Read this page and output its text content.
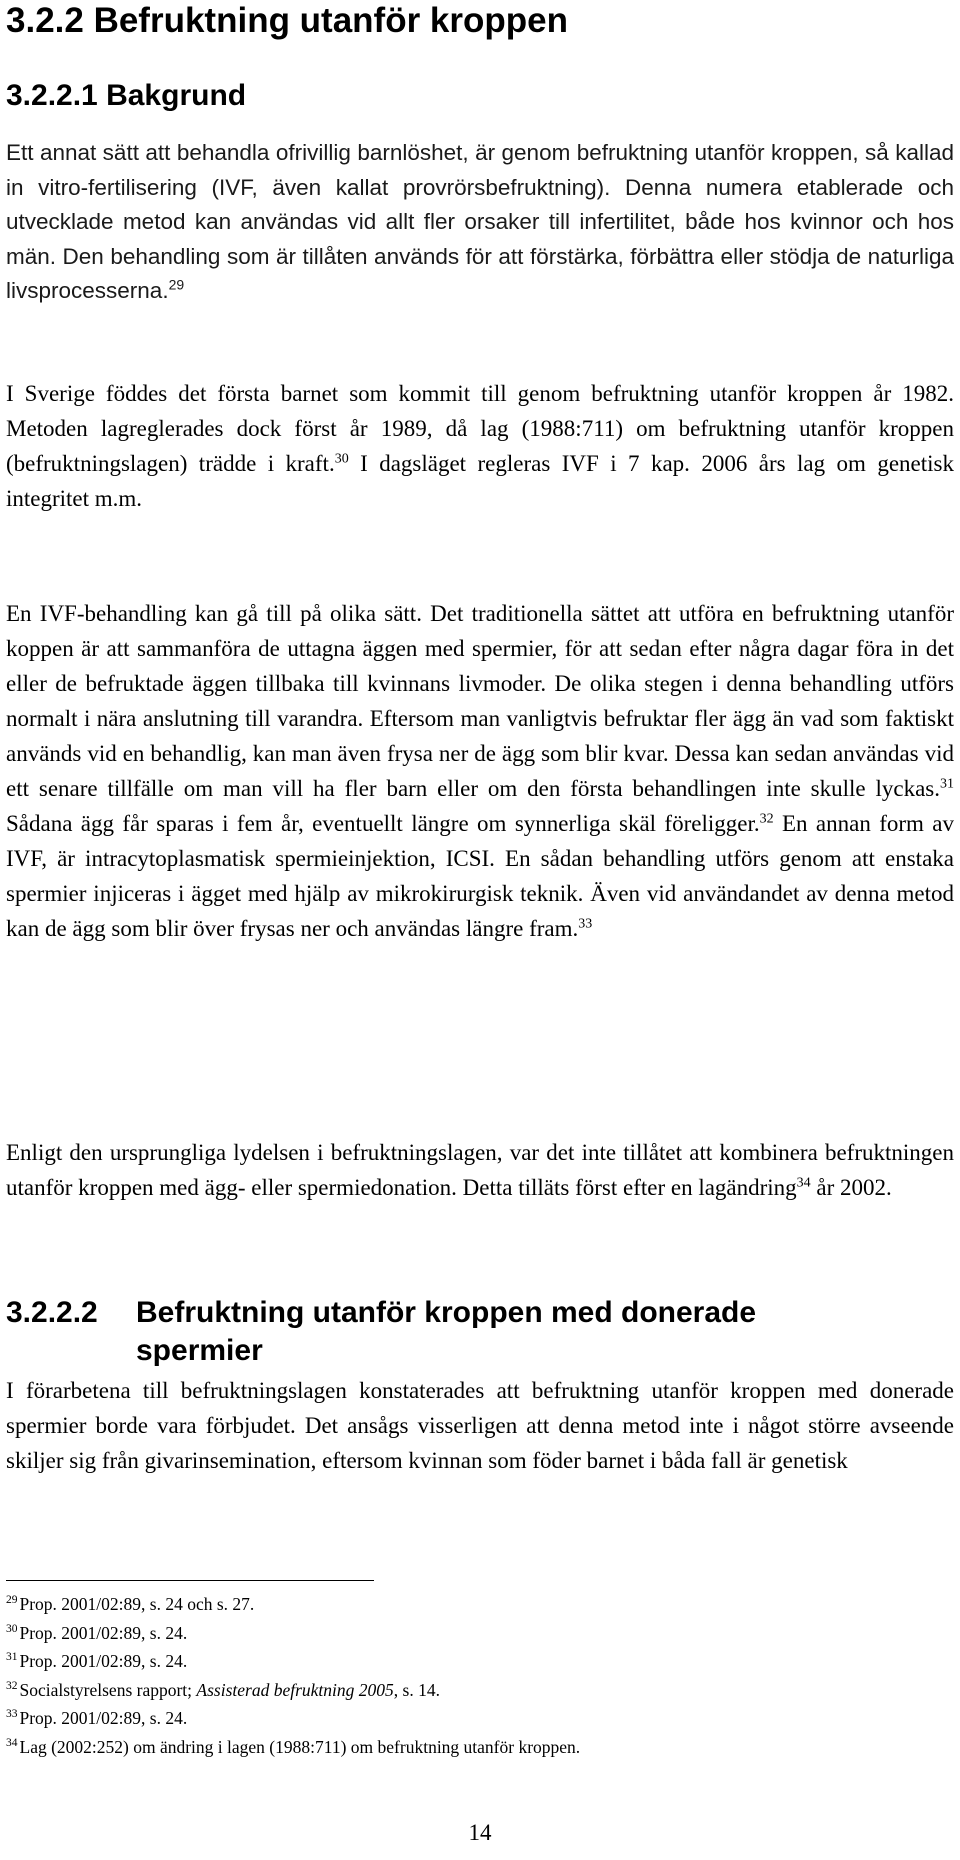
3.2.2 Befruktning utanför kroppen
3.2.2.1 Bakgrund

Ett annat sätt att behandla ofrivillig barnlöshet, är genom befruktning utanför kroppen, så kallad in vitro-fertilisering (IVF, även kallat provrörsbefruktning). Denna numera etablerade och utvecklade metod kan användas vid allt fler orsaker till infertilitet, både hos kvinnor och hos män. Den behandling som är tillåten används för att förstärka, förbättra eller stödja de naturliga livsprocesserna.$^{29}$

I Sverige föddes det första barnet som kommit till genom befruktning utanför kroppen år 1982. Metoden lagreglerades dock först år 1989, då lag (1988:711) om befruktning utanför kroppen (befruktningslagen) trädde i kraft.$^{30}$ I dagsläget regleras IVF i 7 kap. 2006 års lag om genetisk integritet m.m.

En IVF-behandling kan gå till på olika sätt. Det traditionella sättet att utföra en befruktning utanför koppen är att sammanföra de uttagna äggen med spermier, för att sedan efter några dagar föra in det eller de befruktade äggen tillbaka till kvinnans livmoder. De olika stegen i denna behandling utförs normalt i nära anslutning till varandra. Eftersom man vanligtvis befruktar fler ägg än vad som faktiskt används vid en behandlig, kan man även frysa ner de ägg som blir kvar. Dessa kan sedan användas vid ett senare tillfälle om man vill ha fler barn eller om den första behandlingen inte skulle lyckas.$^{31}$ Sådana ägg får sparas i fem år, eventuellt längre om synnerliga skäl föreligger.$^{32}$ En annan form av IVF, är intracytoplasmatisk spermieinjektion, ICSI. En sådan behandling utförs genom att enstaka spermier injiceras i ägget med hjälp av mikrokirurgisk teknik. Även vid användandet av denna metod kan de ägg som blir över frysas ner och användas längre fram.$^{33}$

Enligt den ursprungliga lydelsen i befruktningslagen, var det inte tillåtet att kombinera befruktningen utanför kroppen med ägg- eller spermiedonation. Detta tilläts först efter en lagändring$^{34}$ år 2002.

3.2.2.2	Befruktning utanför kroppen med donerade
spermier

I förarbetena till befruktningslagen konstaterades att befruktning utanför kroppen med donerade spermier borde vara förbjudet. Det ansågs visserligen att denna metod inte i något större avseende skiljer sig från givarinsemination, eftersom kvinnan som föder barnet i båda fall är genetisk

$^{29}$ Prop. 2001/02:89, s. 24 och s. 27.
$^{30}$ Prop. 2001/02:89, s. 24.
$^{31}$ Prop. 2001/02:89, s. 24.
$^{32}$ Socialstyrelsens rapport; Assisterad befruktning 2005, s. 14.
$^{33}$ Prop. 2001/02:89, s. 24.
$^{34}$ Lag (2002:252) om ändring i lagen (1988:711) om befruktning utanför kroppen.
14
